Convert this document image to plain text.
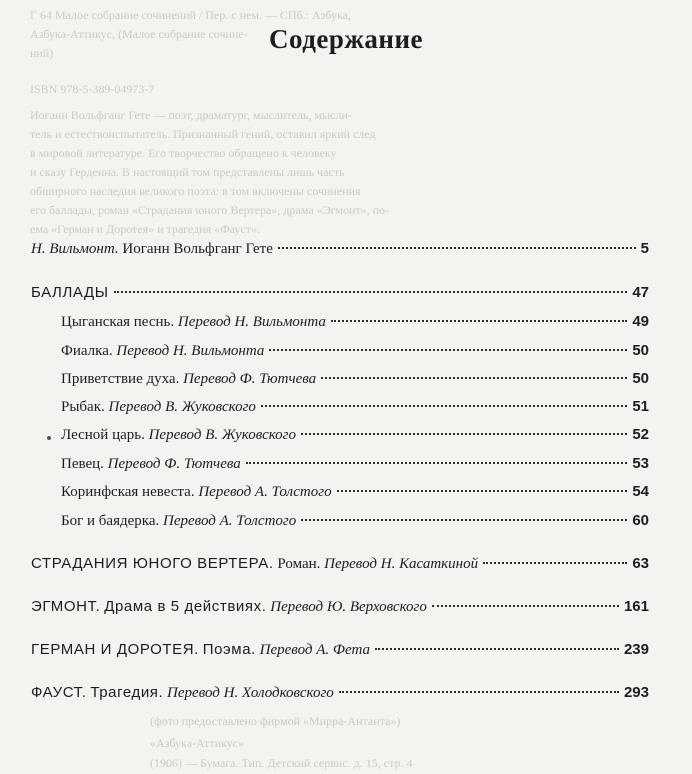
Г 64 Малое собрание сочинений / Пер. с нем. — СПб.: Азбука,
Азбука-Аттикус, (Малое собрание сочине-
ний)
ISBN 978-5-389-04973-7
Иоганн Вольфганг Гете — поэт, драматург, мыслитель, мысли-
тель и естествоиспытатель. Признанный гений, оставил яркий след
в мировой литературе. Его творчество обращено к человеку
и сказу Гердеина. В настоящий том представлены лишь часть
обширного наследия великого поэта: в том включены сочинения
его баллады, роман «Страдания юного Вертера», драма «Эгмонт», по-
ема «Герман и Доротея» и трагедия «Фауст».
Содержание
Н. Вильмонт. Иоганн Вольфганг Гете	5
БАЛЛАДЫ	47
Цыганская песнь. Перевод Н. Вильмонта	49
Фиалка. Перевод Н. Вильмонта	50
Приветствие духа. Перевод Ф. Тютчева	50
Рыбак. Перевод В. Жуковского	51
Лесной царь. Перевод В. Жуковского	52
Певец. Перевод Ф. Тютчева	53
Коринфская невеста. Перевод А. Толстого	54
Бог и баядерка. Перевод А. Толстого	60
СТРАДАНИЯ ЮНОГО ВЕРТЕРА. Роман. Перевод Н. Касаткиной	63
ЭГМОНТ. Драма в 5 действиях. Перевод Ю. Верховского	161
ГЕРМАН И ДОРОТЕЯ. Поэма. Перевод А. Фета	239
ФАУСТ. Трагедия. Перевод Н. Холодковского	293
(фото предоставлено фирмой «Мирра-Антанта»)
«Азбука-Аттикус»
(1906) — Бумага. Тип. Детский сервис. д. 15, стр. 4
